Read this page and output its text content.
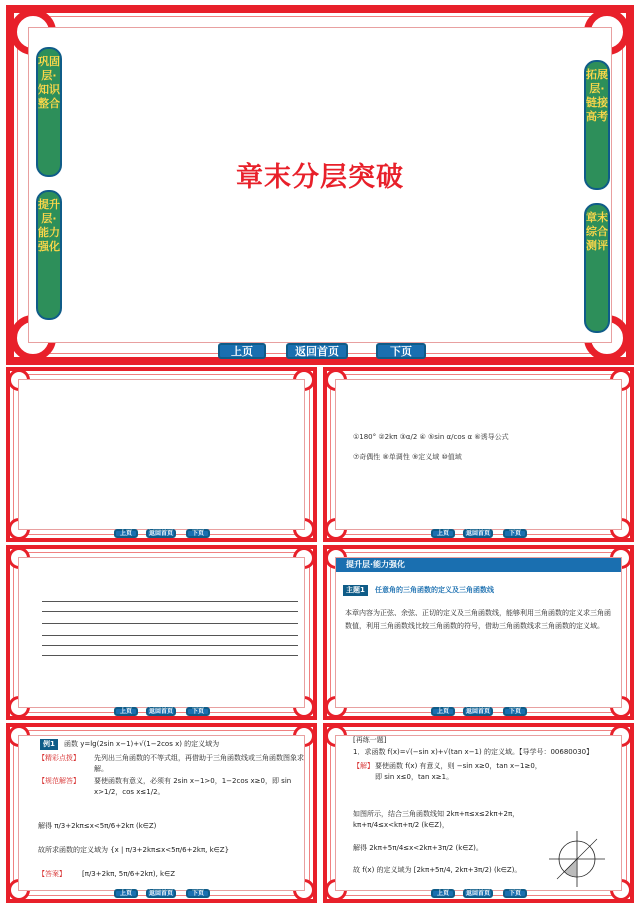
巩固层·知识整合
提升层·能力强化
拓展层·链接高考
章末综合测评
章末分层突破
上页	返回首页	下页
上页	返回首页	下页
①180° ②2kπ ③α/2 ④ ⑤sin α/cos α ⑥诱导公式
⑦奇偶性 ⑧单调性 ⑨定义域 ⑩值域
上页	返回首页	下页
上页	返回首页	下页
提升层·能力强化
主题1	任意角的三角函数的定义及三角函数线
本章内容为正弦、余弦、正切的定义及三角函数线，能够利用三角函数的定义求三角函数值，利用三角函数线比较三角函数的符号，借助三角函数线求三角函数的定义域。
上页	返回首页	下页
例1	函数 y=lg(2sin x−1)+√(1−2cos x) 的定义域为
【精彩点拨】 先列出三角函数的不等式组，再借助于三角函数线或三角函数图象求解。
【规范解答】 要使函数有意义，必须有 2sin x−1>0，1−2cos x≥0，即 sin x>1/2，cos x≤1/2。
解得 π/3+2kπ≤x<5π/6+2kπ (k∈Z)
故所求函数的定义域为 {x | π/3+2kπ≤x<5π/6+2kπ, k∈Z}
【答案】 [π/3+2kπ, 5π/6+2kπ), k∈Z
上页	返回首页	下页
[再练一题]
1．求函数 f(x)=√(−sin x)+√(tan x−1) 的定义域。【导学号：00680030】
【解】 要使函数 f(x) 有意义，则 −sin x≥0，tan x−1≥0，即 sin x≤0，tan x≥1。
如图所示，结合三角函数线知 2kπ+π≤x≤2kπ+2π，kπ+π/4≤x<kπ+π/2 (k∈Z)，
解得 2kπ+5π/4≤x<2kπ+3π/2 (k∈Z)。
故 f(x) 的定义域为 [2kπ+5π/4, 2kπ+3π/2) (k∈Z)。
上页	返回首页	下页
